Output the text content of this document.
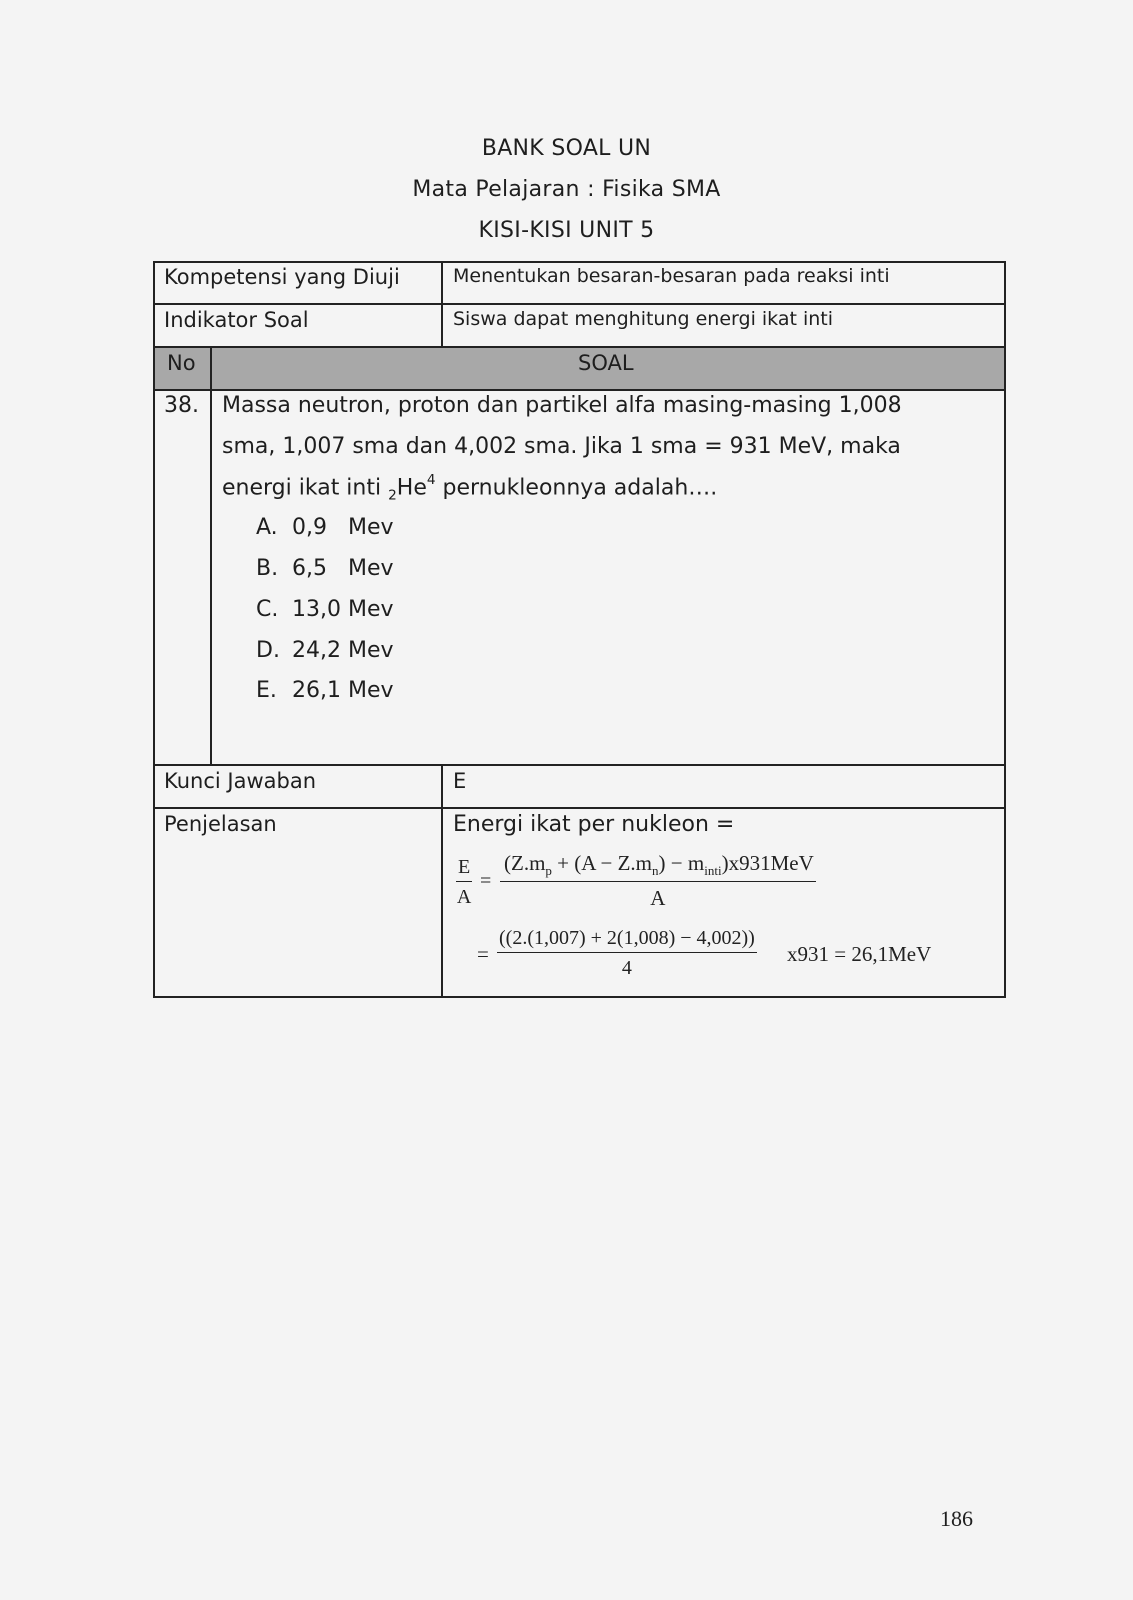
BANK SOAL UN
Mata Pelajaran : Fisika SMA
KISI-KISI UNIT 5
Kompetensi yang Diuji	Menentukan besaran-besaran pada reaksi inti
Indikator Soal	Siswa dapat menghitung energi ikat inti
No	SOAL
38. Massa neutron, proton dan partikel alfa masing-masing 1,008
sma, 1,007 sma dan 4,002 sma. Jika 1 sma = 931 MeV, maka
energi ikat inti $_2He^4$ pernukleonnya adalah….
A. 0,9   Mev
B. 6,5   Mev
C. 13,0 Mev
D. 24,2 Mev
E. 26,1 Mev
Kunci Jawaban	E
Penjelasan	Energi ikat per nukleon =
$\frac{E}{A}$ =
$(Z.m_p + (A - Z.m_n) - m_{inti})x931MeV$
A
= $\frac{((2.(1,007) + 2(1,008) - 4,002))}{4} x931 = 26,1MeV$
186
